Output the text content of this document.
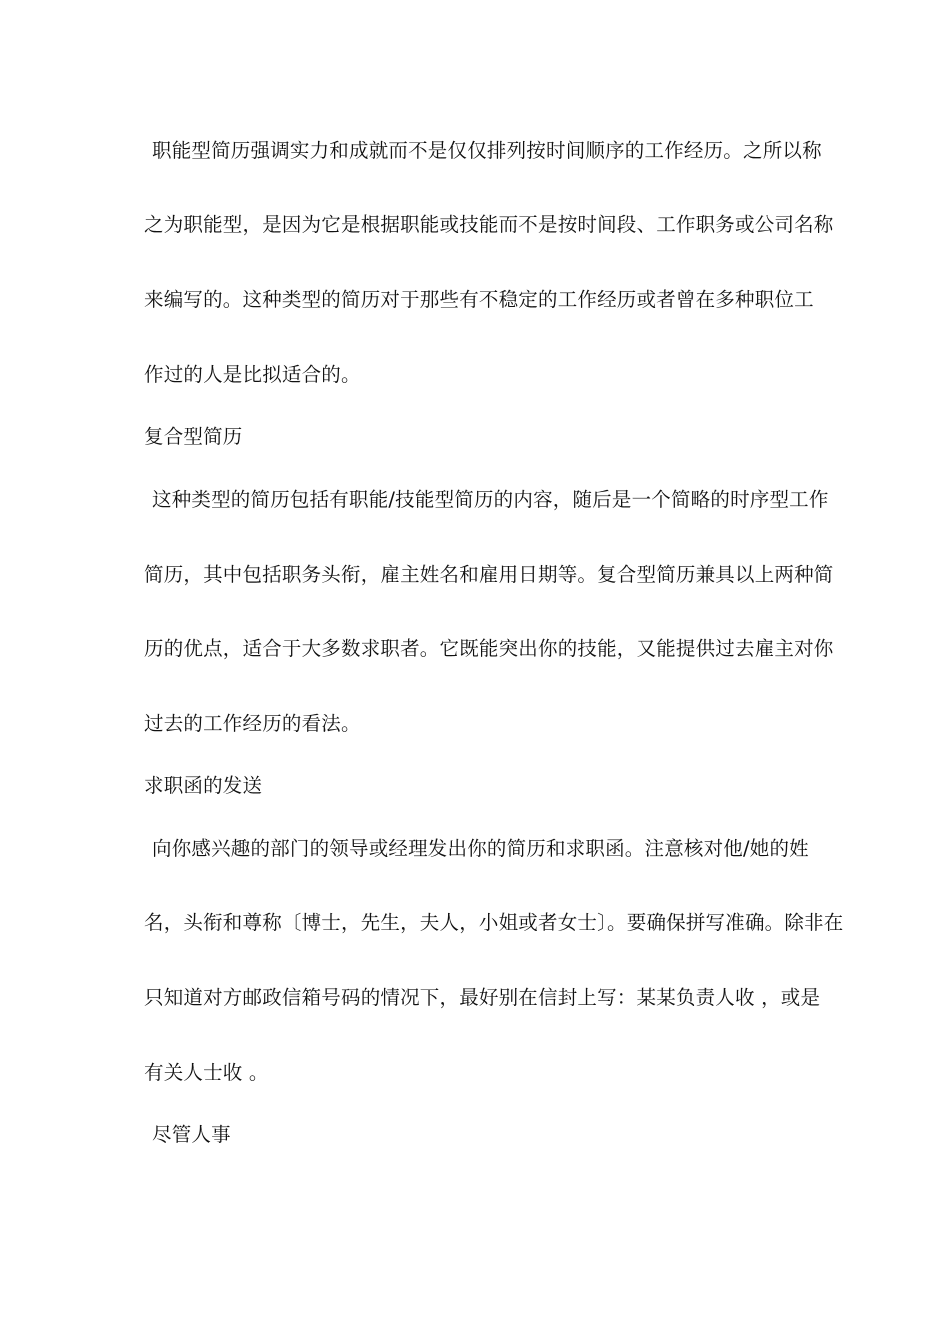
职能型简历强调实力和成就而不是仅仅排列按时间顺序的工作经历。之所以称
之为职能型，是因为它是根据职能或技能而不是按时间段、工作职务或公司名称
来编写的。这种类型的简历对于那些有不稳定的工作经历或者曾在多种职位工
作过的人是比拟适合的。
复合型简历
这种类型的简历包括有职能/技能型简历的内容，随后是一个简略的时序型工作
简历，其中包括职务头衔，雇主姓名和雇用日期等。复合型简历兼具以上两种简
历的优点，适合于大多数求职者。它既能突出你的技能，又能提供过去雇主对你
过去的工作经历的看法。
求职函的发送
向你感兴趣的部门的领导或经理发出你的简历和求职函。注意核对他/她的姓
名，头衔和尊称〔博士，先生，夫人，小姐或者女士〕。要确保拼写准确。除非在
只知道对方邮政信箱号码的情况下，最好别在信封上写：某某负责人收 ，或是
有关人士收 。
尽管人事
